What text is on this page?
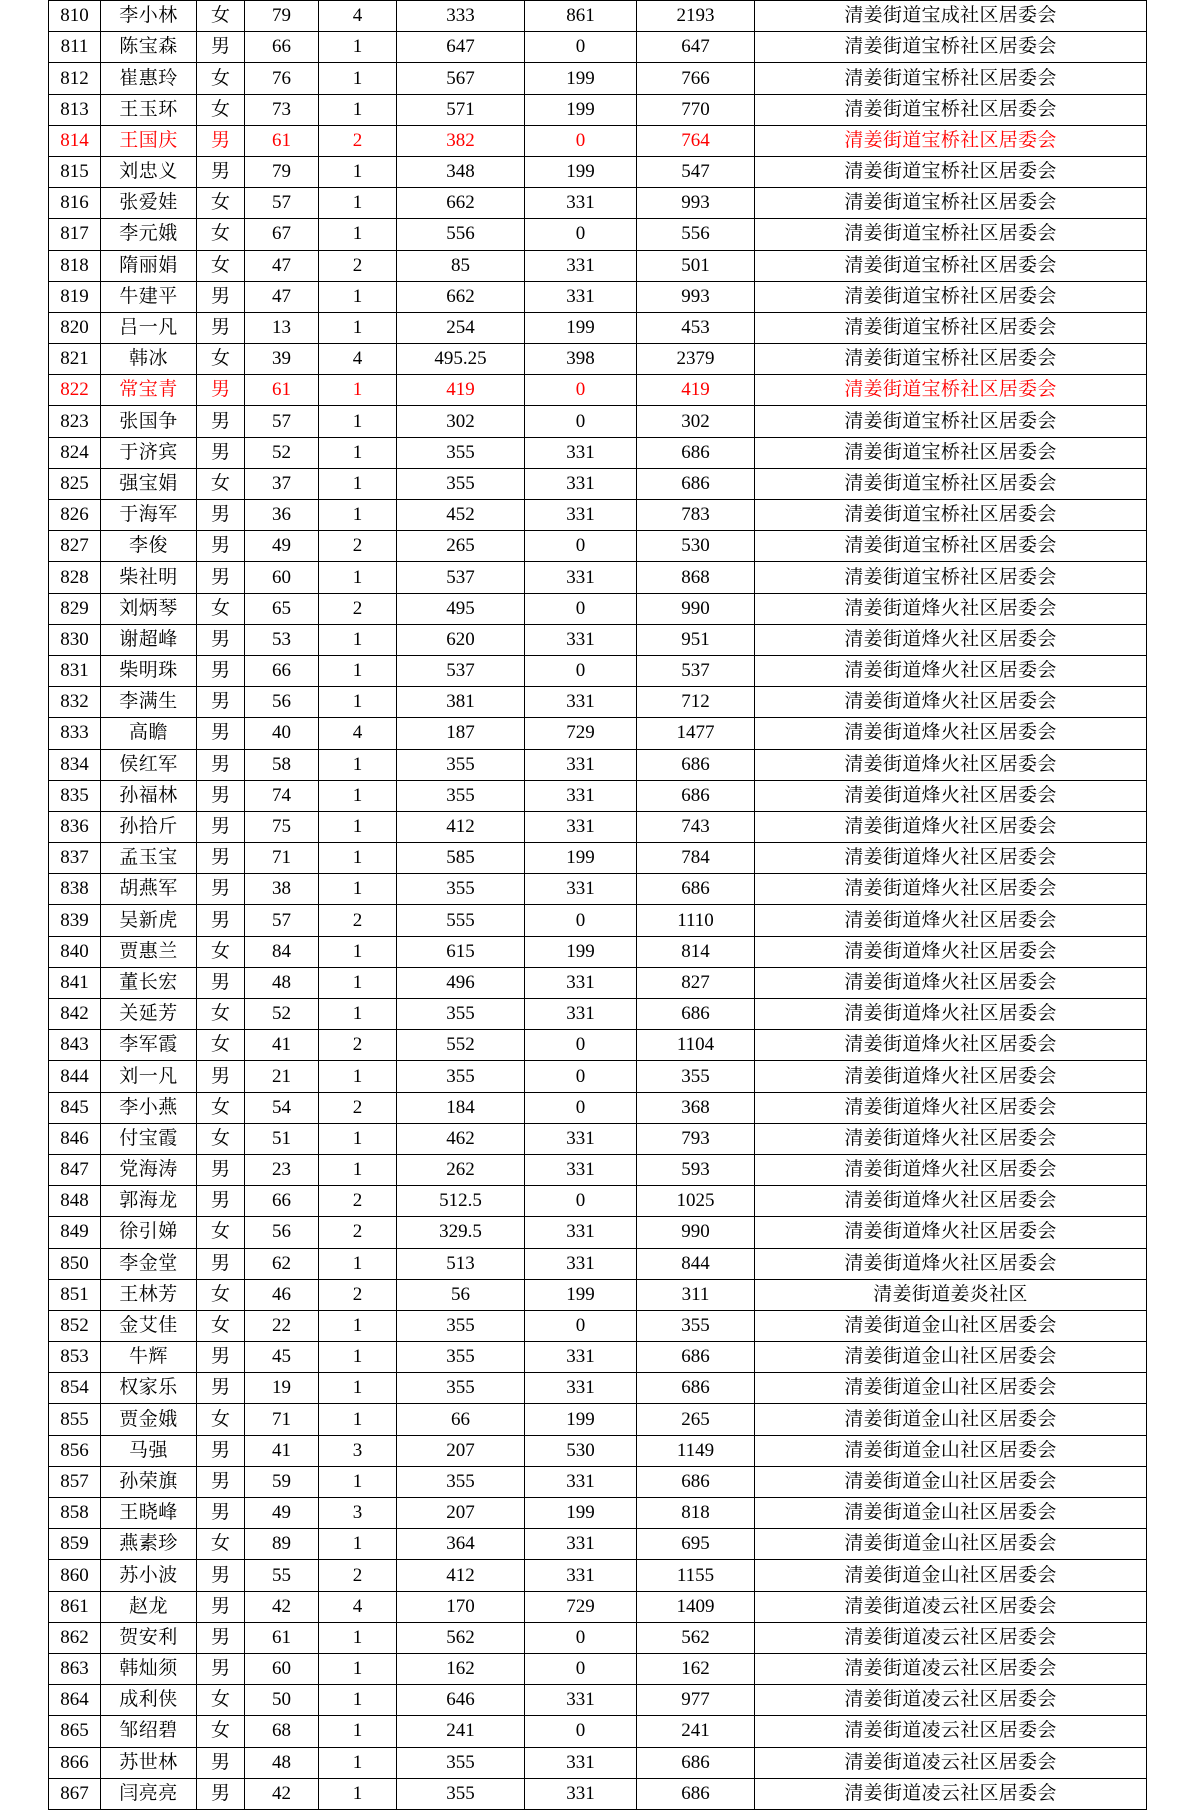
810	李小林	女	79	4	333	861	2193	清姜街道宝成社区居委会
811	陈宝森	男	66	1	647	0	647	清姜街道宝桥社区居委会
812	崔惠玲	女	76	1	567	199	766	清姜街道宝桥社区居委会
813	王玉环	女	73	1	571	199	770	清姜街道宝桥社区居委会
814	王国庆	男	61	2	382	0	764	清姜街道宝桥社区居委会
815	刘忠义	男	79	1	348	199	547	清姜街道宝桥社区居委会
816	张爱娃	女	57	1	662	331	993	清姜街道宝桥社区居委会
817	李元娥	女	67	1	556	0	556	清姜街道宝桥社区居委会
818	隋丽娟	女	47	2	85	331	501	清姜街道宝桥社区居委会
819	牛建平	男	47	1	662	331	993	清姜街道宝桥社区居委会
820	吕一凡	男	13	1	254	199	453	清姜街道宝桥社区居委会
821	韩冰	女	39	4	495.25	398	2379	清姜街道宝桥社区居委会
822	常宝青	男	61	1	419	0	419	清姜街道宝桥社区居委会
823	张国争	男	57	1	302	0	302	清姜街道宝桥社区居委会
824	于济宾	男	52	1	355	331	686	清姜街道宝桥社区居委会
825	强宝娟	女	37	1	355	331	686	清姜街道宝桥社区居委会
826	于海军	男	36	1	452	331	783	清姜街道宝桥社区居委会
827	李俊	男	49	2	265	0	530	清姜街道宝桥社区居委会
828	柴社明	男	60	1	537	331	868	清姜街道宝桥社区居委会
829	刘炳琴	女	65	2	495	0	990	清姜街道烽火社区居委会
830	谢超峰	男	53	1	620	331	951	清姜街道烽火社区居委会
831	柴明珠	男	66	1	537	0	537	清姜街道烽火社区居委会
832	李满生	男	56	1	381	331	712	清姜街道烽火社区居委会
833	高瞻	男	40	4	187	729	1477	清姜街道烽火社区居委会
834	侯红军	男	58	1	355	331	686	清姜街道烽火社区居委会
835	孙福林	男	74	1	355	331	686	清姜街道烽火社区居委会
836	孙拾斤	男	75	1	412	331	743	清姜街道烽火社区居委会
837	孟玉宝	男	71	1	585	199	784	清姜街道烽火社区居委会
838	胡燕军	男	38	1	355	331	686	清姜街道烽火社区居委会
839	吴新虎	男	57	2	555	0	1110	清姜街道烽火社区居委会
840	贾惠兰	女	84	1	615	199	814	清姜街道烽火社区居委会
841	董长宏	男	48	1	496	331	827	清姜街道烽火社区居委会
842	关延芳	女	52	1	355	331	686	清姜街道烽火社区居委会
843	李军霞	女	41	2	552	0	1104	清姜街道烽火社区居委会
844	刘一凡	男	21	1	355	0	355	清姜街道烽火社区居委会
845	李小燕	女	54	2	184	0	368	清姜街道烽火社区居委会
846	付宝霞	女	51	1	462	331	793	清姜街道烽火社区居委会
847	党海涛	男	23	1	262	331	593	清姜街道烽火社区居委会
848	郭海龙	男	66	2	512.5	0	1025	清姜街道烽火社区居委会
849	徐引娣	女	56	2	329.5	331	990	清姜街道烽火社区居委会
850	李金堂	男	62	1	513	331	844	清姜街道烽火社区居委会
851	王林芳	女	46	2	56	199	311	清姜街道姜炎社区
852	金艾佳	女	22	1	355	0	355	清姜街道金山社区居委会
853	牛辉	男	45	1	355	331	686	清姜街道金山社区居委会
854	权家乐	男	19	1	355	331	686	清姜街道金山社区居委会
855	贾金娥	女	71	1	66	199	265	清姜街道金山社区居委会
856	马强	男	41	3	207	530	1149	清姜街道金山社区居委会
857	孙荣旗	男	59	1	355	331	686	清姜街道金山社区居委会
858	王晓峰	男	49	3	207	199	818	清姜街道金山社区居委会
859	燕素珍	女	89	1	364	331	695	清姜街道金山社区居委会
860	苏小波	男	55	2	412	331	1155	清姜街道金山社区居委会
861	赵龙	男	42	4	170	729	1409	清姜街道凌云社区居委会
862	贺安利	男	61	1	562	0	562	清姜街道凌云社区居委会
863	韩灿须	男	60	1	162	0	162	清姜街道凌云社区居委会
864	成利侠	女	50	1	646	331	977	清姜街道凌云社区居委会
865	邹绍碧	女	68	1	241	0	241	清姜街道凌云社区居委会
866	苏世林	男	48	1	355	331	686	清姜街道凌云社区居委会
867	闫亮亮	男	42	1	355	331	686	清姜街道凌云社区居委会
